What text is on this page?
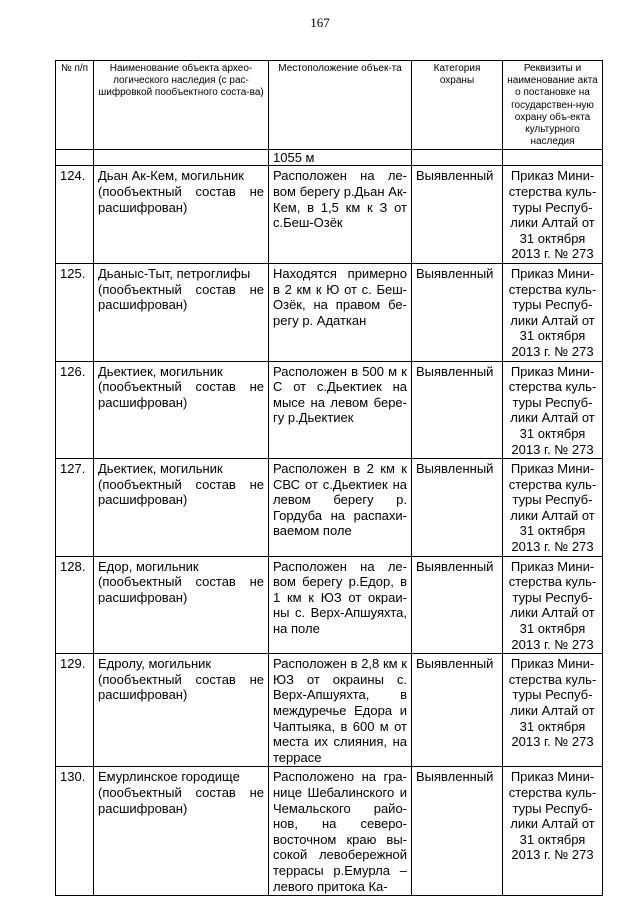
167
№ п/п	Наименование объекта архео-логического наследия (с рас-шифровкой пообъектного соста-ва)	Местоположение объек-та	Категория охраны	Реквизиты и наименование акта о постановке на государствен-ную охрану объ-екта культурного наследия
		1055 м		
124.	Дьан Ак-Кем, могильник
(пообъектный состав не
расшифрован)	Расположен на ле-вом берегу р.Дьан Ак-Кем, в 1,5 км к З от с.Беш-Озёк	Выявленный	Приказ Мини-стерства куль-туры Респуб-лики Алтай от 31 октября 2013 г. № 273
125.	Дьаныс-Тыт, петроглифы
(пообъектный состав не
расшифрован)	Находятся примерно в 2 км к Ю от с. Беш-Озёк, на правом бе-регу р. Адаткан	Выявленный	Приказ Мини-стерства куль-туры Респуб-лики Алтай от 31 октября 2013 г. № 273
126.	Дьектиек, могильник
(пообъектный состав не
расшифрован)	Расположен в 500 м к С от с.Дьектиек на мысе на левом бере-гу р.Дьектиек	Выявленный	Приказ Мини-стерства куль-туры Респуб-лики Алтай от 31 октября 2013 г. № 273
127.	Дьектиек, могильник
(пообъектный состав не
расшифрован)	Расположен в 2 км к СВС от с.Дьектиек на левом берегу р. Гордуба на распахи-ваемом поле	Выявленный	Приказ Мини-стерства куль-туры Респуб-лики Алтай от 31 октября 2013 г. № 273
128.	Едор, могильник
(пообъектный состав не
расшифрован)	Расположен на ле-вом берегу р.Едор, в 1 км к ЮЗ от окраи-ны с. Верх-Апшуяхта, на поле	Выявленный	Приказ Мини-стерства куль-туры Респуб-лики Алтай от 31 октября 2013 г. № 273
129.	Едролу, могильник
(пообъектный состав не
расшифрован)	Расположен в 2,8 км к ЮЗ от окраины с. Верх-Апшуяхта, в междуречье Едора и Чаптыяка, в 600 м от места их слияния, на террасе	Выявленный	Приказ Мини-стерства куль-туры Респуб-лики Алтай от 31 октября 2013 г. № 273
130.	Емурлинское городище
(пообъектный состав не
расшифрован)	Расположено на гра-нице Шебалинского и Чемальского райо-нов, на северо-восточном краю вы-сокой левобережной террасы р.Емурла – левого притока Ка-	Выявленный	Приказ Мини-стерства куль-туры Респуб-лики Алтай от 31 октября 2013 г. № 273
